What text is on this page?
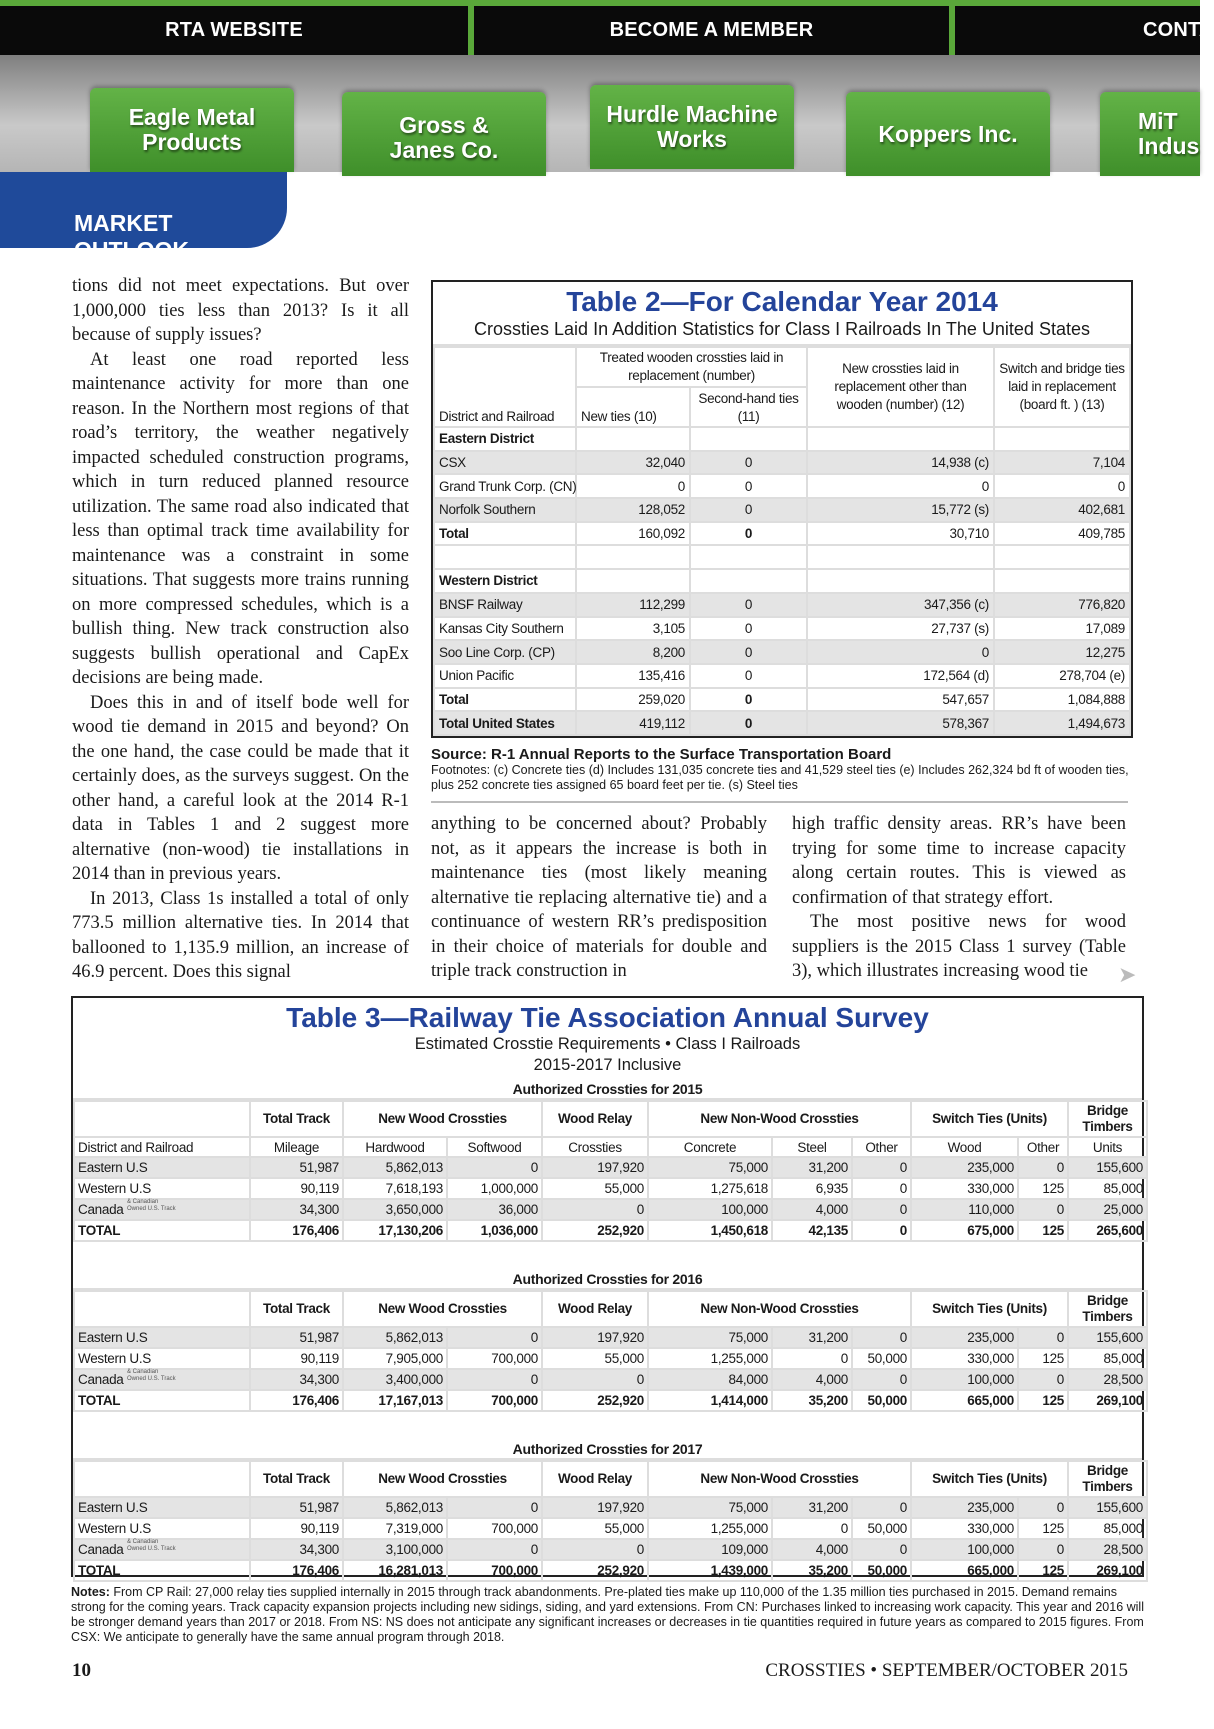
RTA WEBSITE	BECOME A MEMBER	CONTA
Eagle Metal
Products
Gross &
Janes Co.
Hurdle Machine
Works	Koppers Inc.	MiT
Indus
MARKET OUTLOOK

tions did not meet expectations. But over 1,000,000 ties less than 2013? Is it all because of supply issues?

At least one road reported less maintenance activity for more than one reason. In the Northern most regions of that road’s territory, the weather negatively impacted scheduled construction programs, which in turn reduced planned resource utilization. The same road also indicated that less than optimal track time availability for maintenance was a constraint in some situations. That suggests more trains running on more compressed schedules, which is a bullish thing. New track construction also suggests bullish operational and CapEx decisions are being made.

Does this in and of itself bode well for wood tie demand in 2015 and beyond? On the one hand, the case could be made that it certainly does, as the surveys suggest. On the other hand, a careful look at the 2014 R-1 data in Tables 1 and 2 suggest more alternative (non-wood) tie installations in 2014 than in previous years.

In 2013, Class 1s installed a total of only 773.5 million alternative ties. In 2014 that ballooned to 1,135.9 million, an increase of 46.9 percent. Does this signal

Table 2—For Calendar Year 2014
Crossties Laid In Addition Statistics for Class I Railroads In The United States
District and Railroad	Treated wooden crossties laid in replacement (number)		New crossties laid in replacement other than wooden (number) (12)	Switch and bridge ties laid in replacement (board ft. ) (13)
	New ties (10)	Second-hand ties (11)		
Eastern District				
CSX	32,040	0	14,938 (c)	7,104
Grand Trunk Corp. (CN)	0	0	0	0
Norfolk Southern	128,052	0	15,772 (s)	402,681
Total	160,092	0	30,710	409,785

Western District				
BNSF Railway	112,299	0	347,356 (c)	776,820
Kansas City Southern	3,105	0	27,737 (s)	17,089
Soo Line Corp. (CP)	8,200	0	0	12,275
Union Pacific	135,416	0	172,564 (d)	278,704 (e)
Total	259,020	0	547,657	1,084,888
Total United States	419,112	0	578,367	1,494,673
Source: R-1 Annual Reports to the Surface Transportation Board
Footnotes: (c) Concrete ties (d) Includes 131,035 concrete ties and 41,529 steel ties (e) Includes 262,324 bd ft of wooden ties, plus 252 concrete ties assigned 65 board feet per tie. (s) Steel ties

anything to be concerned about? Probably not, as it appears the increase is both in maintenance ties (most likely meaning alternative tie replacing alternative tie) and a continuance of western RR’s predisposition in their choice of materials for double and triple track construction in

high traffic density areas. RR’s have been trying for some time to increase capacity along certain routes. This is viewed as confirmation of that strategy effort.

The most positive news for wood suppliers is the 2015 Class 1 survey (Table 3), which illustrates increasing wood tie	➤
Table 3—Railway Tie Association Annual Survey
Estimated Crosstie Requirements • Class I Railroads
2015-2017 Inclusive
Authorized Crossties for 2015
	Total Track	New Wood Crossties		Wood Relay	New Non-Wood Crossties			Switch Ties (Units)		Bridge Timbers
District and Railroad	Mileage	Hardwood	Softwood	Crossties	Concrete	Steel	Other	Wood	Other	Units
Eastern U.S	51,987	5,862,013	0	197,920	75,000	31,200	0	235,000	0	155,600
Western U.S	90,119	7,618,193	1,000,000	55,000	1,275,618	6,935	0	330,000	125	85,000
Canada & Canadian Owned U.S. Track	34,300	3,650,000	36,000	0	100,000	4,000	0	110,000	0	25,000
TOTAL	176,406	17,130,206	1,036,000	252,920	1,450,618	42,135	0	675,000	125	265,600
Authorized Crossties for 2016
	Total Track	New Wood Crossties		Wood Relay	New Non-Wood Crossties			Switch Ties (Units)		Bridge Timbers
Eastern U.S	51,987	5,862,013	0	197,920	75,000	31,200	0	235,000	0	155,600
Western U.S	90,119	7,905,000	700,000	55,000	1,255,000	0	50,000	330,000	125	85,000
Canada & Canadian Owned U.S. Track	34,300	3,400,000	0	0	84,000	4,000	0	100,000	0	28,500
TOTAL	176,406	17,167,013	700,000	252,920	1,414,000	35,200	50,000	665,000	125	269,100
Authorized Crossties for 2017
	Total Track	New Wood Crossties		Wood Relay	New Non-Wood Crossties			Switch Ties (Units)		Bridge Timbers
Eastern U.S	51,987	5,862,013	0	197,920	75,000	31,200	0	235,000	0	155,600
Western U.S	90,119	7,319,000	700,000	55,000	1,255,000	0	50,000	330,000	125	85,000
Canada & Canadian Owned U.S. Track	34,300	3,100,000	0	0	109,000	4,000	0	100,000	0	28,500
TOTAL	176,406	16,281,013	700,000	252,920	1,439,000	35,200	50,000	665,000	125	269,100
Notes: From CP Rail: 27,000 relay ties supplied internally in 2015 through track abandonments. Pre-plated ties make up 110,000 of the 1.35 million ties purchased in 2015. Demand remains strong for the coming years. Track capacity expansion projects including new sidings, siding, and yard extensions. From CN: Purchases linked to increasing work capacity. This year and 2016 will be stronger demand years than 2017 or 2018. From NS: NS does not anticipate any significant increases or decreases in tie quantities required in future years as compared to 2015 figures. From CSX: We anticipate to generally have the same annual program through 2018.
10	CROSSTIES • SEPTEMBER/OCTOBER 2015
